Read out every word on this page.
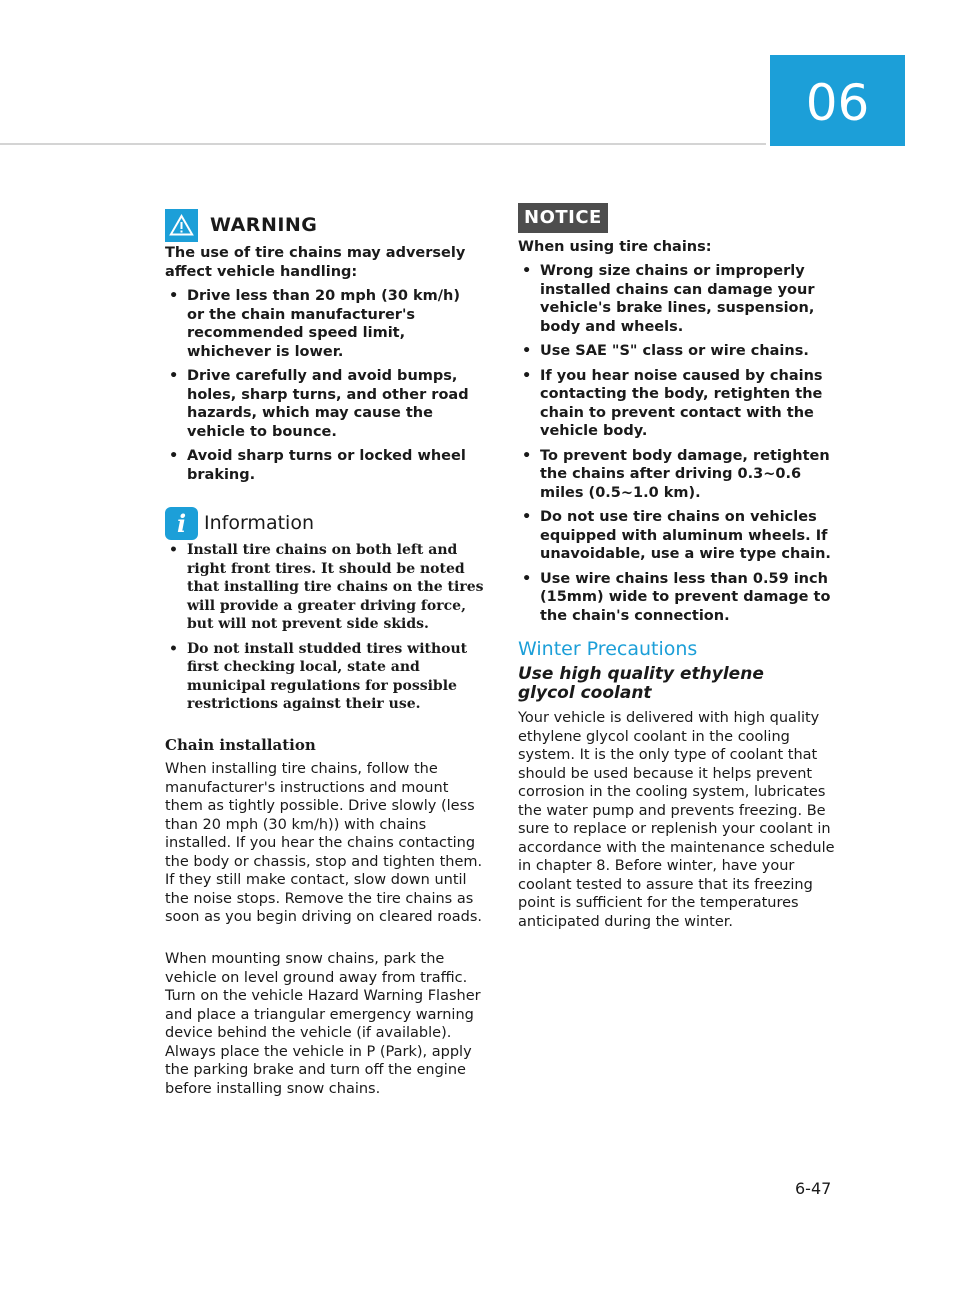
06
WARNING
The use of tire chains may adversely affect vehicle handling:
• Drive less than 20 mph (30 km/h) or the chain manufacturer's recommended speed limit, whichever is lower.
• Drive carefully and avoid bumps, holes, sharp turns, and other road hazards, which may cause the vehicle to bounce.
• Avoid sharp turns or locked wheel braking.
i Information
• Install tire chains on both left and right front tires. It should be noted that installing tire chains on the tires will provide a greater driving force, but will not prevent side skids.
• Do not install studded tires without first checking local, state and municipal regulations for possible restrictions against their use.
Chain installation
When installing tire chains, follow the manufacturer's instructions and mount them as tightly possible. Drive slowly (less than 20 mph (30 km/h)) with chains installed. If you hear the chains contacting the body or chassis, stop and tighten them. If they still make contact, slow down until the noise stops. Remove the tire chains as soon as you begin driving on cleared roads.
When mounting snow chains, park the vehicle on level ground away from traffic. Turn on the vehicle Hazard Warning Flasher and place a triangular emergency warning device behind the vehicle (if available). Always place the vehicle in P (Park), apply the parking brake and turn off the engine before installing snow chains.
NOTICE
When using tire chains:
• Wrong size chains or improperly installed chains can damage your vehicle's brake lines, suspension, body and wheels.
• Use SAE "S" class or wire chains.
• If you hear noise caused by chains contacting the body, retighten the chain to prevent contact with the vehicle body.
• To prevent body damage, retighten the chains after driving 0.3~0.6 miles (0.5~1.0 km).
• Do not use tire chains on vehicles equipped with aluminum wheels. If unavoidable, use a wire type chain.
• Use wire chains less than 0.59 inch (15mm) wide to prevent damage to the chain's connection.
Winter Precautions
Use high quality ethylene glycol coolant
Your vehicle is delivered with high quality ethylene glycol coolant in the cooling system. It is the only type of coolant that should be used because it helps prevent corrosion in the cooling system, lubricates the water pump and prevents freezing. Be sure to replace or replenish your coolant in accordance with the maintenance schedule in chapter 8. Before winter, have your coolant tested to assure that its freezing point is sufficient for the temperatures anticipated during the winter.
6-47
